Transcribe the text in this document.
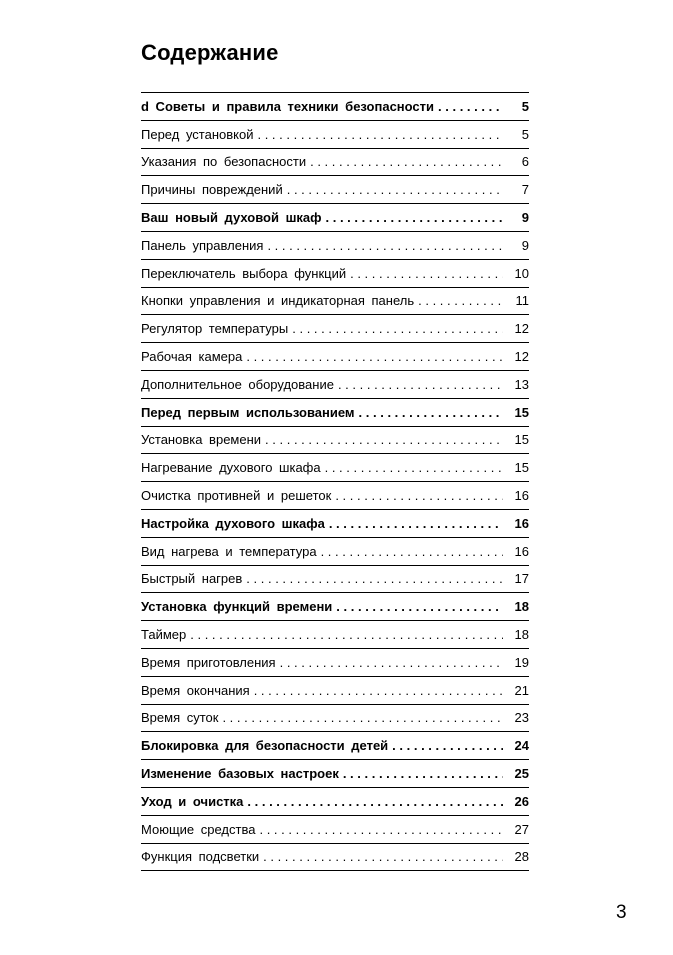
Содержание
d Советы и правила техники безопасности . . .	5
Перед установкой . . .	5
Указания по безопасности . . .	6
Причины повреждений . . .	7
Ваш новый духовой шкаф . . .	9
Панель управления . . .	9
Переключатель выбора функций . . .	10
Кнопки управления и индикаторная панель . . .	11
Регулятор температуры . . .	12
Рабочая камера . . .	12
Дополнительное оборудование . . .	13
Перед первым использованием . . .	15
Установка времени . . .	15
Нагревание духового шкафа . . .	15
Очистка противней и решеток . . .	16
Настройка духового шкафа . . .	16
Вид нагрева и температура . . .	16
Быстрый нагрев . . .	17
Установка функций времени . . .	18
Таймер . . .	18
Время приготовления . . .	19
Время окончания . . .	21
Время суток . . .	23
Блокировка для безопасности детей . . .	24
Изменение базовых настроек . . .	25
Уход и очистка . . .	26
Моющие средства . . .	27
Функция подсветки . . .	28
3
